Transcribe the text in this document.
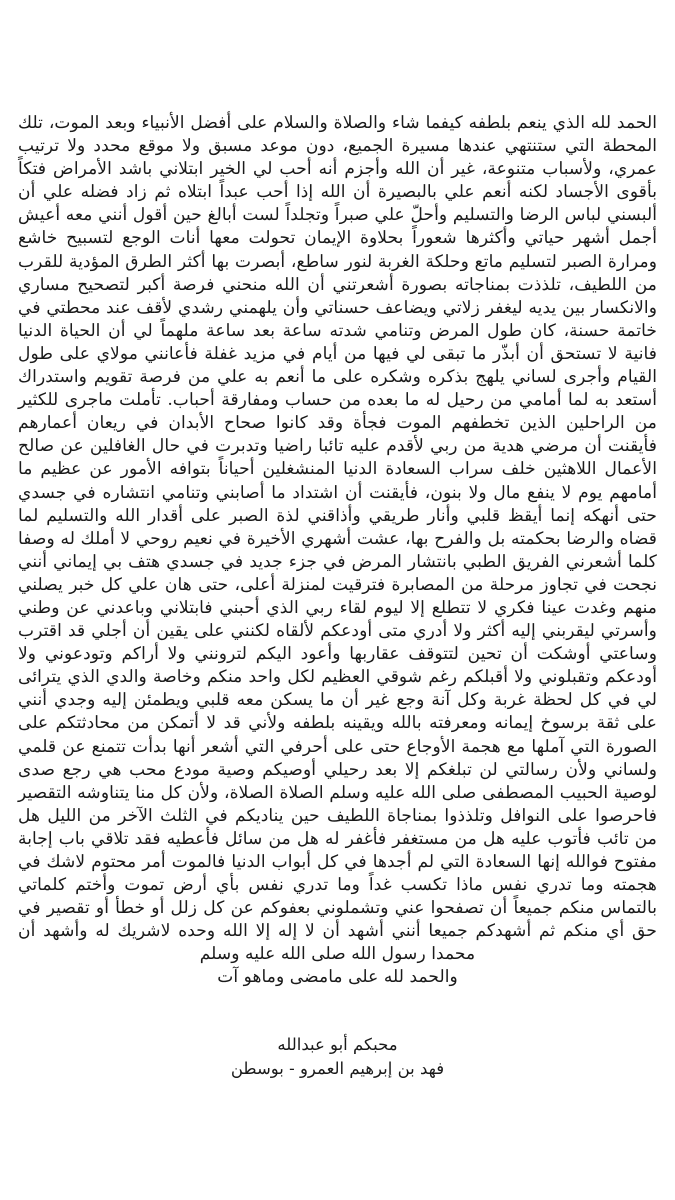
الحمد لله الذي ينعم بلطفه كيفما شاء والصلاة والسلام على أفضل الأنبياء وبعد الموت، تلك المحطة التي ستنتهي عندها مسيرة الجميع، دون موعد مسبق ولا موقع محدد ولا ترتيب عمري، ولأسباب متنوعة، غير أن الله وأجزم أنه أحب لي الخير ابتلاني باشد الأمراض فتكاً بأقوى الأجساد لكنه أنعم علي بالبصيرة أن الله إذا أحب عبداً ابتلاه ثم زاد فضله علي أن ألبسني لباس الرضا والتسليم وأحلّ علي صبراً وتجلداً لست أبالغ حين أقول أنني معه أعيش أجمل أشهر حياتي وأكثرها شعوراً بحلاوة الإيمان تحولت معها أنات الوجع لتسبيح خاشع ومرارة الصبر لتسليم ماتع وحلكة الغربة لنور ساطع، أبصرت بها أكثر الطرق المؤدية للقرب من اللطيف، تلذذت بمناجاته بصورة أشعرتني أن الله منحني فرصة أكبر لتصحيح مساري والانكسار بين يديه ليغفر زلاتي ويضاعف حسناتي وأن يلهمني رشدي لأقف عند محطتي في خاتمة حسنة، كان طول المرض وتنامي شدته ساعة بعد ساعة ملهماً لي أن الحياة الدنيا فانية لا تستحق أن أبذّر ما تبقى لي فيها من أيام في مزيد غفلة فأعانني مولاي على طول القيام وأجرى لساني يلهج بذكره وشكره على ما أنعم به علي من فرصة تقويم واستدراك أستعد به لما أمامي من رحيل له ما بعده من حساب ومفارقة أحباب. تأملت ماجرى للكثير من الراحلين الذين تخطفهم الموت فجأة وقد كانوا صحاح الأبدان في ريعان أعمارهم فأيقنت أن مرضي هدية من ربي لأقدم عليه تائبا راضيا وتدبرت في حال الغافلين عن صالح الأعمال اللاهثين خلف سراب السعادة الدنيا المنشغلين أحياناً بتوافه الأمور عن عظيم ما أمامهم يوم لا ينفع مال ولا بنون، فأيقنت أن اشتداد ما أصابني وتنامي انتشاره في جسدي حتى أنهكه إنما أيقظ قلبي وأنار طريقي وأذاقني لذة الصبر على أقدار الله والتسليم لما قضاه والرضا بحكمته بل والفرح بها، عشت أشهري الأخيرة في نعيم روحي لا أملك له وصفا كلما أشعرني الفريق الطبي بانتشار المرض في جزء جديد في جسدي هتف بي إيماني أنني نجحت في تجاوز مرحلة من المصابرة فترقيت لمنزلة أعلى، حتى هان علي كل خبر يصلني منهم وغدت عينا فكري لا تتطلع إلا ليوم لقاء ربي الذي أحبني فابتلاني وباعدني عن وطني وأسرتي ليقربني إليه أكثر ولا أدري متى أودعكم لألقاه لكنني على يقين أن أجلي قد اقترب وساعتي أوشكت أن تحين لتتوقف عقاربها وأعود اليكم لترونني ولا أراكم وتودعوني ولا أودعكم وتقبلوني ولا أقبلكم رغم شوقي العظيم لكل واحد منكم وخاصة والدي الذي يترائى لي في كل لحظة غربة وكل آنة وجع غير أن ما يسكن معه قلبي ويطمئن إليه وجدي أنني على ثقة برسوخ إيمانه ومعرفته بالله ويقينه بلطفه ولأني قد لا أتمكن من محادثتكم على الصورة التي آملها مع هجمة الأوجاع حتى على أحرفي التي أشعر أنها بدأت تتمنع عن قلمي ولساني ولأن رسالتي لن تبلغكم إلا بعد رحيلي أوصيكم وصية مودع محب هي رجع صدى لوصية الحبيب المصطفى صلى الله عليه وسلم الصلاة الصلاة، ولأن كل منا يتناوشه التقصير فاحرصوا على النوافل وتلذذوا بمناجاة اللطيف حين يناديكم في الثلث الآخر من الليل هل من تائب فأتوب عليه هل من مستغفر فأغفر له هل من سائل فأعطيه فقد تلاقي باب إجابة مفتوح فوالله إنها السعادة التي لم أجدها في كل أبواب الدنيا فالموت أمر محتوم لاشك في هجمته وما تدري نفس ماذا تكسب غداً وما تدري نفس بأي أرض تموت وأختم كلماتي بالتماس منكم جميعاً أن تصفحوا عني وتشملوني بعفوكم عن كل زلل أو خطأ أو تقصير في حق أي منكم ثم أشهدكم جميعا أنني أشهد أن لا إله إلا الله وحده لاشريك له وأشهد أن محمدا رسول الله صلى الله عليه وسلم

والحمد لله على مامضى وماهو آت

محبكم أبو عبدالله
فهد بن إبرهيم العمرو - بوسطن
